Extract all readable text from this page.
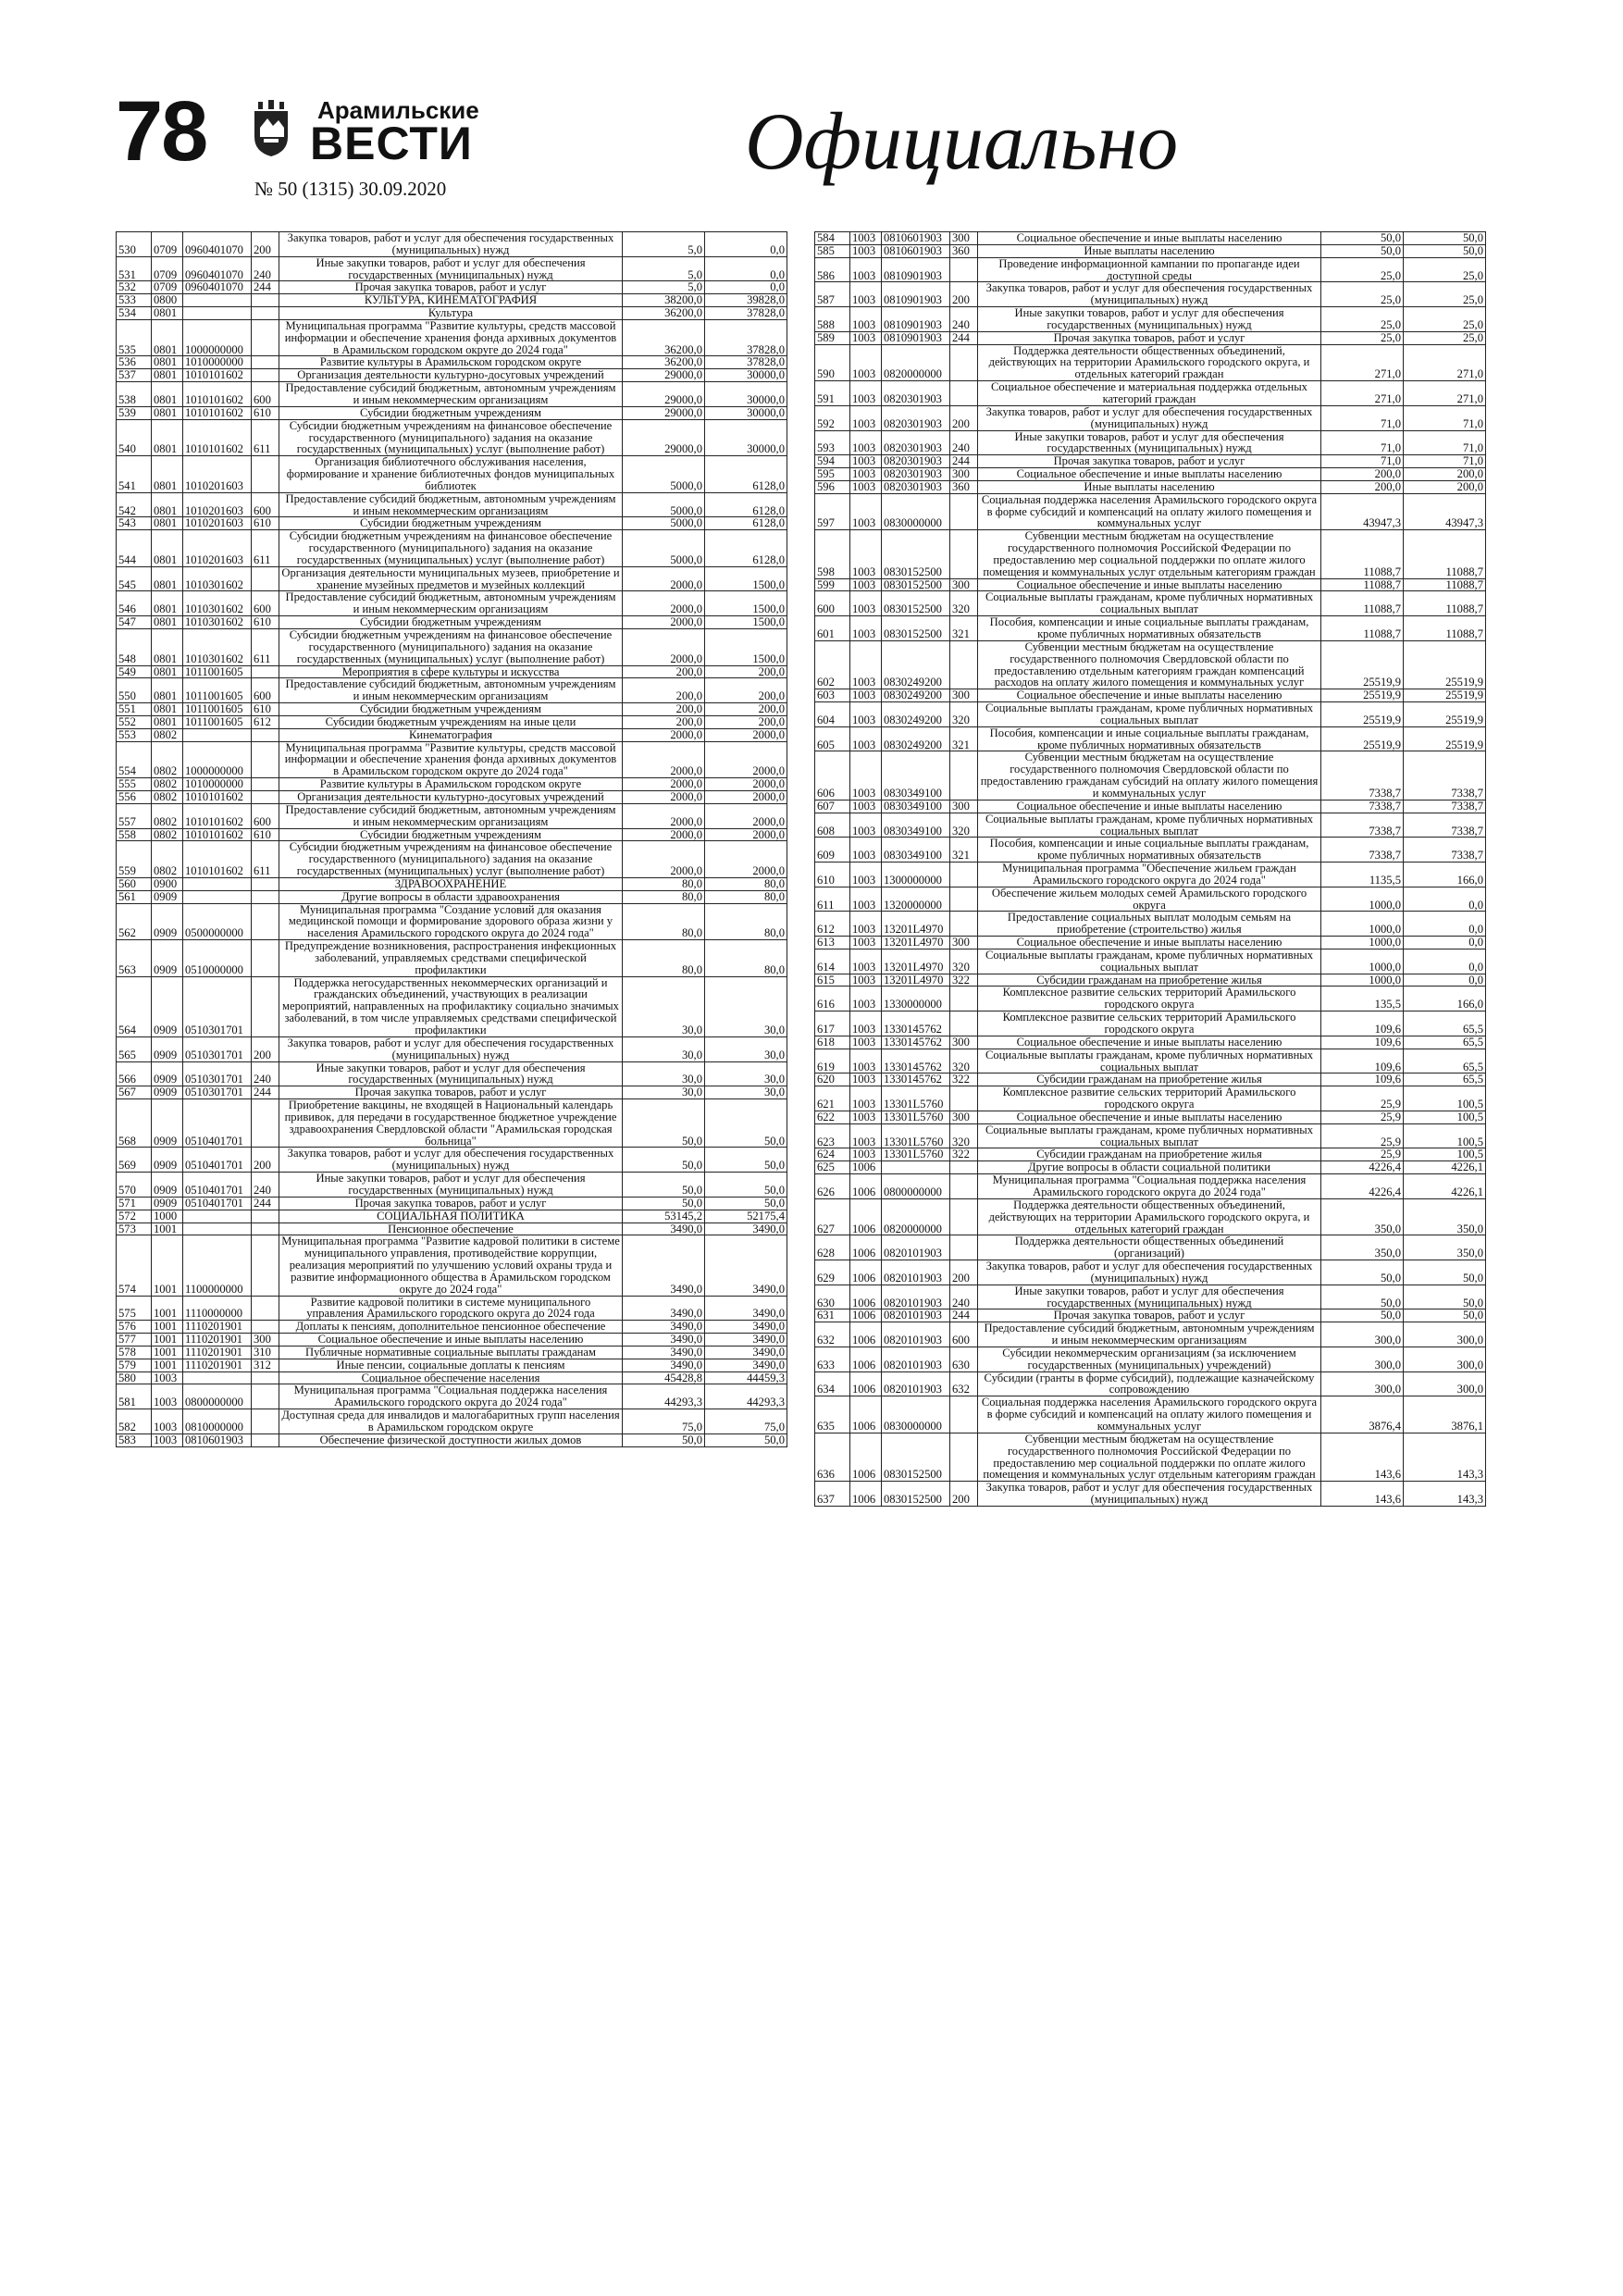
78	Арамильские
ВЕСТИ
№ 50 (1315) 30.09.2020
Официально
530	0709	0960401070	200	Закупка товаров, работ и услуг для обеспечения государственных (муниципальных) нужд	5,0	0,0
531	0709	0960401070	240	Иные закупки товаров, работ и услуг для обеспечения государственных (муниципальных) нужд	5,0	0,0
532	0709	0960401070	244	Прочая закупка товаров, работ и услуг	5,0	0,0
533	0800			КУЛЬТУРА, КИНЕМАТОГРАФИЯ	38200,0	39828,0
534	0801			Культура	36200,0	37828,0
535	0801	1000000000		Муниципальная программа "Развитие культуры, средств массовой информации и обеспечение хранения фонда архивных документов в Арамильском городском округе до 2024 года"	36200,0	37828,0
536	0801	1010000000		Развитие культуры в Арамильском городском округе	36200,0	37828,0
537	0801	1010101602		Организация деятельности культурно-досуговых учреждений	29000,0	30000,0
538	0801	1010101602	600	Предоставление субсидий бюджетным, автономным учреждениям и иным некоммерческим организациям	29000,0	30000,0
539	0801	1010101602	610	Субсидии бюджетным учреждениям	29000,0	30000,0
540	0801	1010101602	611	Субсидии бюджетным учреждениям на финансовое обеспечение государственного (муниципального) задания на оказание государственных (муниципальных) услуг (выполнение работ)	29000,0	30000,0
541	0801	1010201603		Организация библиотечного обслуживания населения, формирование и хранение библиотечных фондов муниципальных библиотек	5000,0	6128,0
542	0801	1010201603	600	Предоставление субсидий бюджетным, автономным учреждениям и иным некоммерческим организациям	5000,0	6128,0
543	0801	1010201603	610	Субсидии бюджетным учреждениям	5000,0	6128,0
544	0801	1010201603	611	Субсидии бюджетным учреждениям на финансовое обеспечение государственного (муниципального) задания на оказание государственных (муниципальных) услуг (выполнение работ)	5000,0	6128,0
545	0801	1010301602		Организация деятельности муниципальных музеев, приобретение и хранение музейных предметов и музейных коллекций	2000,0	1500,0
546	0801	1010301602	600	Предоставление субсидий бюджетным, автономным учреждениям и иным некоммерческим организациям	2000,0	1500,0
547	0801	1010301602	610	Субсидии бюджетным учреждениям	2000,0	1500,0
548	0801	1010301602	611	Субсидии бюджетным учреждениям на финансовое обеспечение государственного (муниципального) задания на оказание государственных (муниципальных) услуг (выполнение работ)	2000,0	1500,0
549	0801	1011001605		Мероприятия в сфере культуры и искусства	200,0	200,0
550	0801	1011001605	600	Предоставление субсидий бюджетным, автономным учреждениям и иным некоммерческим организациям	200,0	200,0
551	0801	1011001605	610	Субсидии бюджетным учреждениям	200,0	200,0
552	0801	1011001605	612	Субсидии бюджетным учреждениям на иные цели	200,0	200,0
553	0802			Кинематография	2000,0	2000,0
554	0802	1000000000		Муниципальная программа "Развитие культуры, средств массовой информации и обеспечение хранения фонда архивных документов в Арамильском городском округе до 2024 года"	2000,0	2000,0
555	0802	1010000000		Развитие культуры в Арамильском городском округе	2000,0	2000,0
556	0802	1010101602		Организация деятельности культурно-досуговых учреждений	2000,0	2000,0
557	0802	1010101602	600	Предоставление субсидий бюджетным, автономным учреждениям и иным некоммерческим организациям	2000,0	2000,0
558	0802	1010101602	610	Субсидии бюджетным учреждениям	2000,0	2000,0
559	0802	1010101602	611	Субсидии бюджетным учреждениям на финансовое обеспечение государственного (муниципального) задания на оказание государственных (муниципальных) услуг (выполнение работ)	2000,0	2000,0
560	0900			ЗДРАВООХРАНЕНИЕ	80,0	80,0
561	0909			Другие вопросы в области здравоохранения	80,0	80,0
562	0909	0500000000		Муниципальная программа "Создание условий для оказания медицинской помощи и формирование здорового образа жизни у населения Арамильского городского округа до 2024 года"	80,0	80,0
563	0909	0510000000		Предупреждение возникновения, распространения инфекционных заболеваний, управляемых средствами специфической профилактики	80,0	80,0
564	0909	0510301701		Поддержка негосударственных некоммерческих организаций и гражданских объединений, участвующих в реализации мероприятий, направленных на профилактику социально значимых заболеваний, в том числе управляемых средствами специфической профилактики	30,0	30,0
565	0909	0510301701	200	Закупка товаров, работ и услуг для обеспечения государственных (муниципальных) нужд	30,0	30,0
566	0909	0510301701	240	Иные закупки товаров, работ и услуг для обеспечения государственных (муниципальных) нужд	30,0	30,0
567	0909	0510301701	244	Прочая закупка товаров, работ и услуг	30,0	30,0
568	0909	0510401701		Приобретение вакцины, не входящей в Национальный календарь прививок, для передачи в государственное бюджетное учреждение здравоохранения Свердловской области "Арамильская городская больница"	50,0	50,0
569	0909	0510401701	200	Закупка товаров, работ и услуг для обеспечения государственных (муниципальных) нужд	50,0	50,0
570	0909	0510401701	240	Иные закупки товаров, работ и услуг для обеспечения государственных (муниципальных) нужд	50,0	50,0
571	0909	0510401701	244	Прочая закупка товаров, работ и услуг	50,0	50,0
572	1000			СОЦИАЛЬНАЯ ПОЛИТИКА	53145,2	52175,4
573	1001			Пенсионное обеспечение	3490,0	3490,0
574	1001	1100000000		Муниципальная программа "Развитие кадровой политики в системе муниципального управления, противодействие коррупции, реализация мероприятий по улучшению условий охраны труда и развитие информационного общества в Арамильском городском округе до 2024 года"	3490,0	3490,0
575	1001	1110000000		Развитие кадровой политики в системе муниципального управления Арамильского городского округа до 2024 года	3490,0	3490,0
576	1001	1110201901		Доплаты к пенсиям, дополнительное пенсионное обеспечение	3490,0	3490,0
577	1001	1110201901	300	Социальное обеспечение и иные выплаты населению	3490,0	3490,0
578	1001	1110201901	310	Публичные нормативные социальные выплаты гражданам	3490,0	3490,0
579	1001	1110201901	312	Иные пенсии, социальные доплаты к пенсиям	3490,0	3490,0
580	1003			Социальное обеспечение населения	45428,8	44459,3
581	1003	0800000000		Муниципальная программа "Социальная поддержка населения Арамильского городского округа до 2024 года"	44293,3	44293,3
582	1003	0810000000		Доступная среда для инвалидов и малогабаритных групп населения в Арамильском городском округе	75,0	75,0
583	1003	0810601903		Обеспечение физической доступности жилых домов	50,0	50,0
584	1003	0810601903	300	Социальное обеспечение и иные выплаты населению	50,0	50,0
585	1003	0810601903	360	Иные выплаты населению	50,0	50,0
586	1003	0810901903		Проведение информационной кампании по пропаганде идеи доступной среды	25,0	25,0
587	1003	0810901903	200	Закупка товаров, работ и услуг для обеспечения государственных (муниципальных) нужд	25,0	25,0
588	1003	0810901903	240	Иные закупки товаров, работ и услуг для обеспечения государственных (муниципальных) нужд	25,0	25,0
589	1003	0810901903	244	Прочая закупка товаров, работ и услуг	25,0	25,0
590	1003	0820000000		Поддержка деятельности общественных объединений, действующих на территории Арамильского городского округа, и отдельных категорий граждан	271,0	271,0
591	1003	0820301903		Социальное обеспечение и материальная поддержка отдельных категорий граждан	271,0	271,0
592	1003	0820301903	200	Закупка товаров, работ и услуг для обеспечения государственных (муниципальных) нужд	71,0	71,0
593	1003	0820301903	240	Иные закупки товаров, работ и услуг для обеспечения государственных (муниципальных) нужд	71,0	71,0
594	1003	0820301903	244	Прочая закупка товаров, работ и услуг	71,0	71,0
595	1003	0820301903	300	Социальное обеспечение и иные выплаты населению	200,0	200,0
596	1003	0820301903	360	Иные выплаты населению	200,0	200,0
597	1003	0830000000		Социальная поддержка населения Арамильского городского округа в форме субсидий и компенсаций на оплату жилого помещения и коммунальных услуг	43947,3	43947,3
598	1003	0830152500		Субвенции местным бюджетам на осуществление государственного полномочия Российской Федерации по предоставлению мер социальной поддержки по оплате жилого помещения и коммунальных услуг отдельным категориям граждан	11088,7	11088,7
599	1003	0830152500	300	Социальное обеспечение и иные выплаты населению	11088,7	11088,7
600	1003	0830152500	320	Социальные выплаты гражданам, кроме публичных нормативных социальных выплат	11088,7	11088,7
601	1003	0830152500	321	Пособия, компенсации и иные социальные выплаты гражданам, кроме публичных нормативных обязательств	11088,7	11088,7
602	1003	0830249200		Субвенции местным бюджетам на осуществление государственного полномочия Свердловской области по предоставлению отдельным категориям граждан компенсаций расходов на оплату жилого помещения и коммунальных услуг	25519,9	25519,9
603	1003	0830249200	300	Социальное обеспечение и иные выплаты населению	25519,9	25519,9
604	1003	0830249200	320	Социальные выплаты гражданам, кроме публичных нормативных социальных выплат	25519,9	25519,9
605	1003	0830249200	321	Пособия, компенсации и иные социальные выплаты гражданам, кроме публичных нормативных обязательств	25519,9	25519,9
606	1003	0830349100		Субвенции местным бюджетам на осуществление государственного полномочия Свердловской области по предоставлению гражданам субсидий на оплату жилого помещения и коммунальных услуг	7338,7	7338,7
607	1003	0830349100	300	Социальное обеспечение и иные выплаты населению	7338,7	7338,7
608	1003	0830349100	320	Социальные выплаты гражданам, кроме публичных нормативных социальных выплат	7338,7	7338,7
609	1003	0830349100	321	Пособия, компенсации и иные социальные выплаты гражданам, кроме публичных нормативных обязательств	7338,7	7338,7
610	1003	1300000000		Муниципальная программа "Обеспечение жильем граждан Арамильского городского округа до 2024 года"	1135,5	166,0
611	1003	1320000000		Обеспечение жильем молодых семей Арамильского городского округа	1000,0	0,0
612	1003	13201L4970		Предоставление социальных выплат молодым семьям на приобретение (строительство) жилья	1000,0	0,0
613	1003	13201L4970	300	Социальное обеспечение и иные выплаты населению	1000,0	0,0
614	1003	13201L4970	320	Социальные выплаты гражданам, кроме публичных нормативных социальных выплат	1000,0	0,0
615	1003	13201L4970	322	Субсидии гражданам на приобретение жилья	1000,0	0,0
616	1003	1330000000		Комплексное развитие сельских территорий Арамильского городского округа	135,5	166,0
617	1003	1330145762		Комплексное развитие сельских территорий Арамильского городского округа	109,6	65,5
618	1003	1330145762	300	Социальное обеспечение и иные выплаты населению	109,6	65,5
619	1003	1330145762	320	Социальные выплаты гражданам, кроме публичных нормативных социальных выплат	109,6	65,5
620	1003	1330145762	322	Субсидии гражданам на приобретение жилья	109,6	65,5
621	1003	13301L5760		Комплексное развитие сельских территорий Арамильского городского округа	25,9	100,5
622	1003	13301L5760	300	Социальное обеспечение и иные выплаты населению	25,9	100,5
623	1003	13301L5760	320	Социальные выплаты гражданам, кроме публичных нормативных социальных выплат	25,9	100,5
624	1003	13301L5760	322	Субсидии гражданам на приобретение жилья	25,9	100,5
625	1006			Другие вопросы в области социальной политики	4226,4	4226,1
626	1006	0800000000		Муниципальная программа "Социальная поддержка населения Арамильского городского округа до 2024 года"	4226,4	4226,1
627	1006	0820000000		Поддержка деятельности общественных объединений, действующих на территории Арамильского городского округа, и отдельных категорий граждан	350,0	350,0
628	1006	0820101903		Поддержка деятельности общественных объединений (организаций)	350,0	350,0
629	1006	0820101903	200	Закупка товаров, работ и услуг для обеспечения государственных (муниципальных) нужд	50,0	50,0
630	1006	0820101903	240	Иные закупки товаров, работ и услуг для обеспечения государственных (муниципальных) нужд	50,0	50,0
631	1006	0820101903	244	Прочая закупка товаров, работ и услуг	50,0	50,0
632	1006	0820101903	600	Предоставление субсидий бюджетным, автономным учреждениям и иным некоммерческим организациям	300,0	300,0
633	1006	0820101903	630	Субсидии некоммерческим организациям (за исключением государственных (муниципальных) учреждений)	300,0	300,0
634	1006	0820101903	632	Субсидии (гранты в форме субсидий), подлежащие казначейскому сопровождению	300,0	300,0
635	1006	0830000000		Социальная поддержка населения Арамильского городского округа в форме субсидий и компенсаций на оплату жилого помещения и коммунальных услуг	3876,4	3876,1
636	1006	0830152500		Субвенции местным бюджетам на осуществление государственного полномочия Российской Федерации по предоставлению мер социальной поддержки по оплате жилого помещения и коммунальных услуг отдельным категориям граждан	143,6	143,3
637	1006	0830152500	200	Закупка товаров, работ и услуг для обеспечения государственных (муниципальных) нужд	143,6	143,3
